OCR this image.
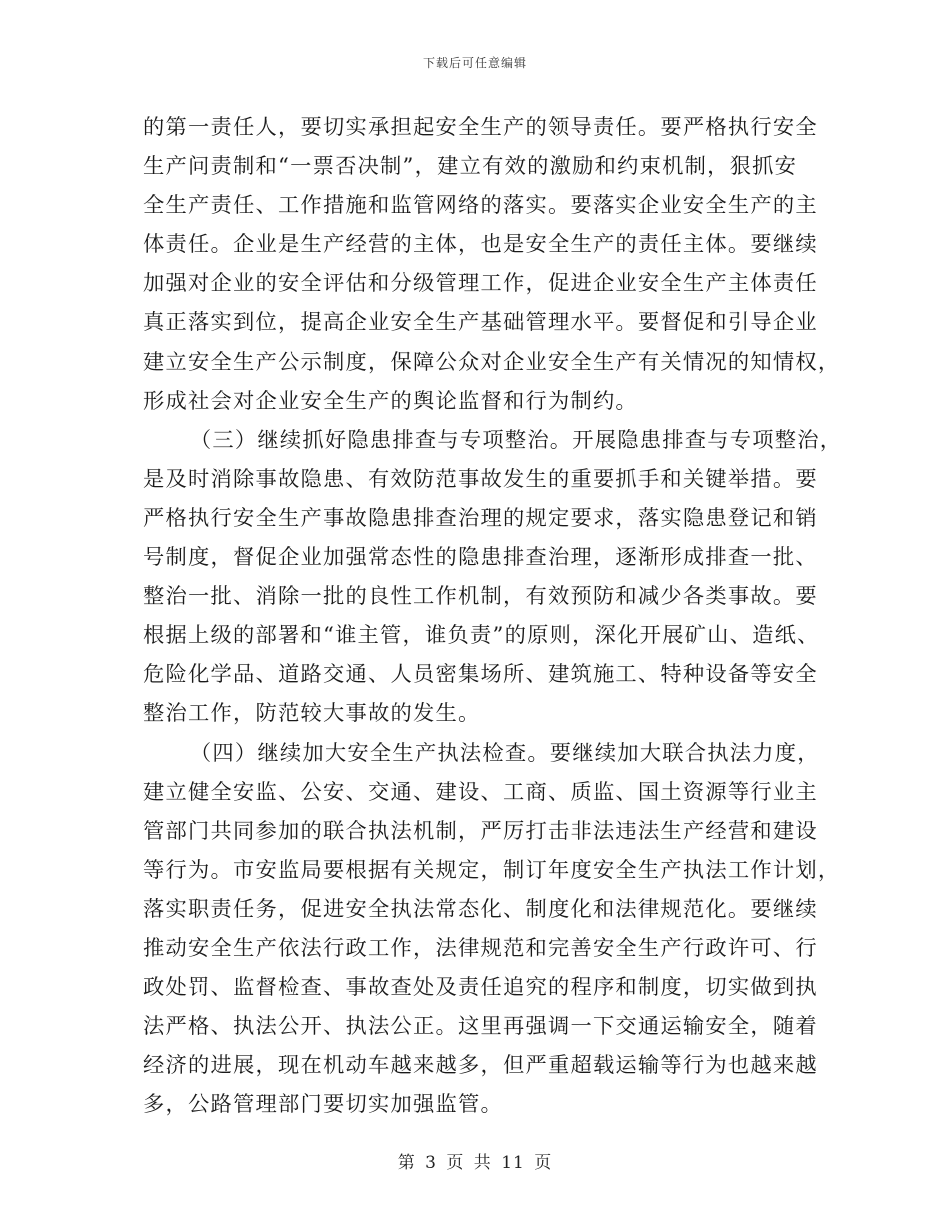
下载后可任意编辑

的第一责任人，要切实承担起安全生产的领导责任。要严格执行安全
生产问责制和“一票否决制”，建立有效的激励和约束机制，狠抓安
全生产责任、工作措施和监管网络的落实。要落实企业安全生产的主
体责任。企业是生产经营的主体，也是安全生产的责任主体。要继续
加强对企业的安全评估和分级管理工作，促进企业安全生产主体责任
真正落实到位，提高企业安全生产基础管理水平。要督促和引导企业
建立安全生产公示制度，保障公众对企业安全生产有关情况的知情权，
形成社会对企业安全生产的舆论监督和行为制约。

（三）继续抓好隐患排查与专项整治。开展隐患排查与专项整治，
是及时消除事故隐患、有效防范事故发生的重要抓手和关键举措。要
严格执行安全生产事故隐患排查治理的规定要求，落实隐患登记和销
号制度，督促企业加强常态性的隐患排查治理，逐渐形成排查一批、
整治一批、消除一批的良性工作机制，有效预防和减少各类事故。要
根据上级的部署和“谁主管，谁负责”的原则，深化开展矿山、造纸、
危险化学品、道路交通、人员密集场所、建筑施工、特种设备等安全
整治工作，防范较大事故的发生。

（四）继续加大安全生产执法检查。要继续加大联合执法力度，
建立健全安监、公安、交通、建设、工商、质监、国土资源等行业主
管部门共同参加的联合执法机制，严厉打击非法违法生产经营和建设
等行为。市安监局要根据有关规定，制订年度安全生产执法工作计划，
落实职责任务，促进安全执法常态化、制度化和法律规范化。要继续
推动安全生产依法行政工作，法律规范和完善安全生产行政许可、行
政处罚、监督检查、事故查处及责任追究的程序和制度，切实做到执
法严格、执法公开、执法公正。这里再强调一下交通运输安全，随着
经济的进展，现在机动车越来越多，但严重超载运输等行为也越来越
多，公路管理部门要切实加强监管。

第 3 页 共 11 页
